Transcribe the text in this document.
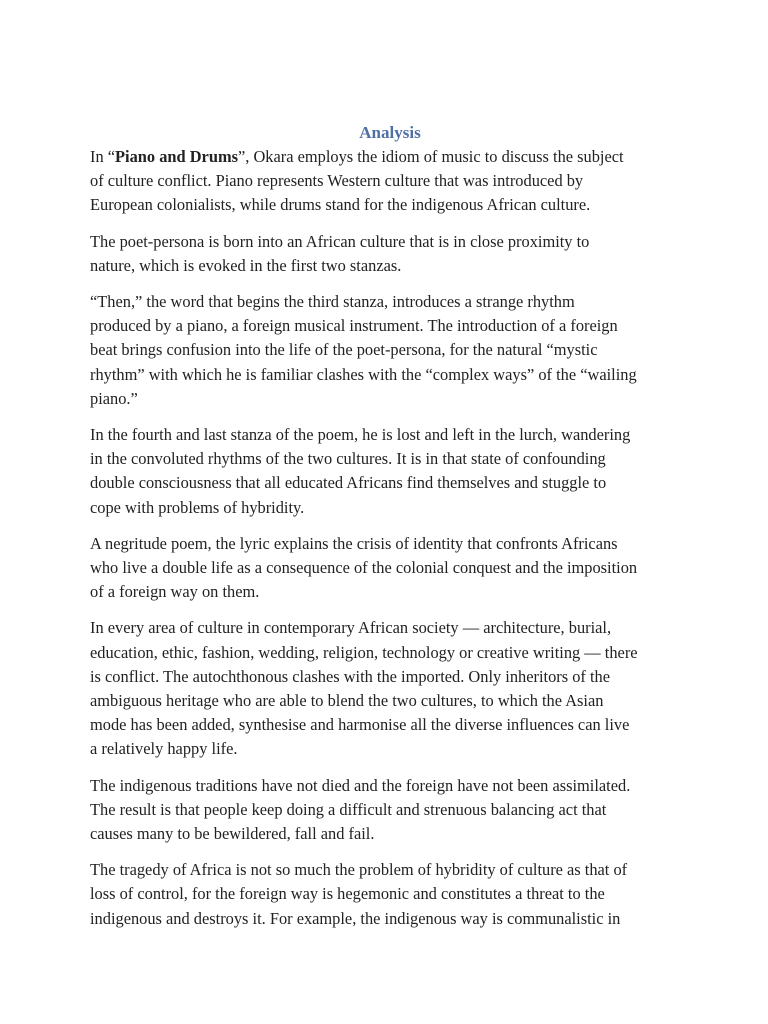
Analysis

In “Piano and Drums”, Okara employs the idiom of music to discuss the subject
of culture conflict. Piano represents Western culture that was introduced by
European colonialists, while drums stand for the indigenous African culture.

The poet-persona is born into an African culture that is in close proximity to
nature, which is evoked in the first two stanzas.

“Then,” the word that begins the third stanza, introduces a strange rhythm
produced by a piano, a foreign musical instrument. The introduction of a foreign
beat brings confusion into the life of the poet-persona, for the natural “mystic
rhythm” with which he is familiar clashes with the “complex ways” of the “wailing
piano.”

In the fourth and last stanza of the poem, he is lost and left in the lurch, wandering
in the convoluted rhythms of the two cultures. It is in that state of confounding
double consciousness that all educated Africans find themselves and stuggle to
cope with problems of hybridity.

A negritude poem, the lyric explains the crisis of identity that confronts Africans
who live a double life as a consequence of the colonial conquest and the imposition
of a foreign way on them.

In every area of culture in contemporary African society — architecture, burial,
education, ethic, fashion, wedding, religion, technology or creative writing — there
is conflict. The autochthonous clashes with the imported. Only inheritors of the
ambiguous heritage who are able to blend the two cultures, to which the Asian
mode has been added, synthesise and harmonise all the diverse influences can live
a relatively happy life.

The indigenous traditions have not died and the foreign have not been assimilated.
The result is that people keep doing a difficult and strenuous balancing act that
causes many to be bewildered, fall and fail.

The tragedy of Africa is not so much the problem of hybridity of culture as that of
loss of control, for the foreign way is hegemonic and constitutes a threat to the
indigenous and destroys it. For example, the indigenous way is communalistic in
